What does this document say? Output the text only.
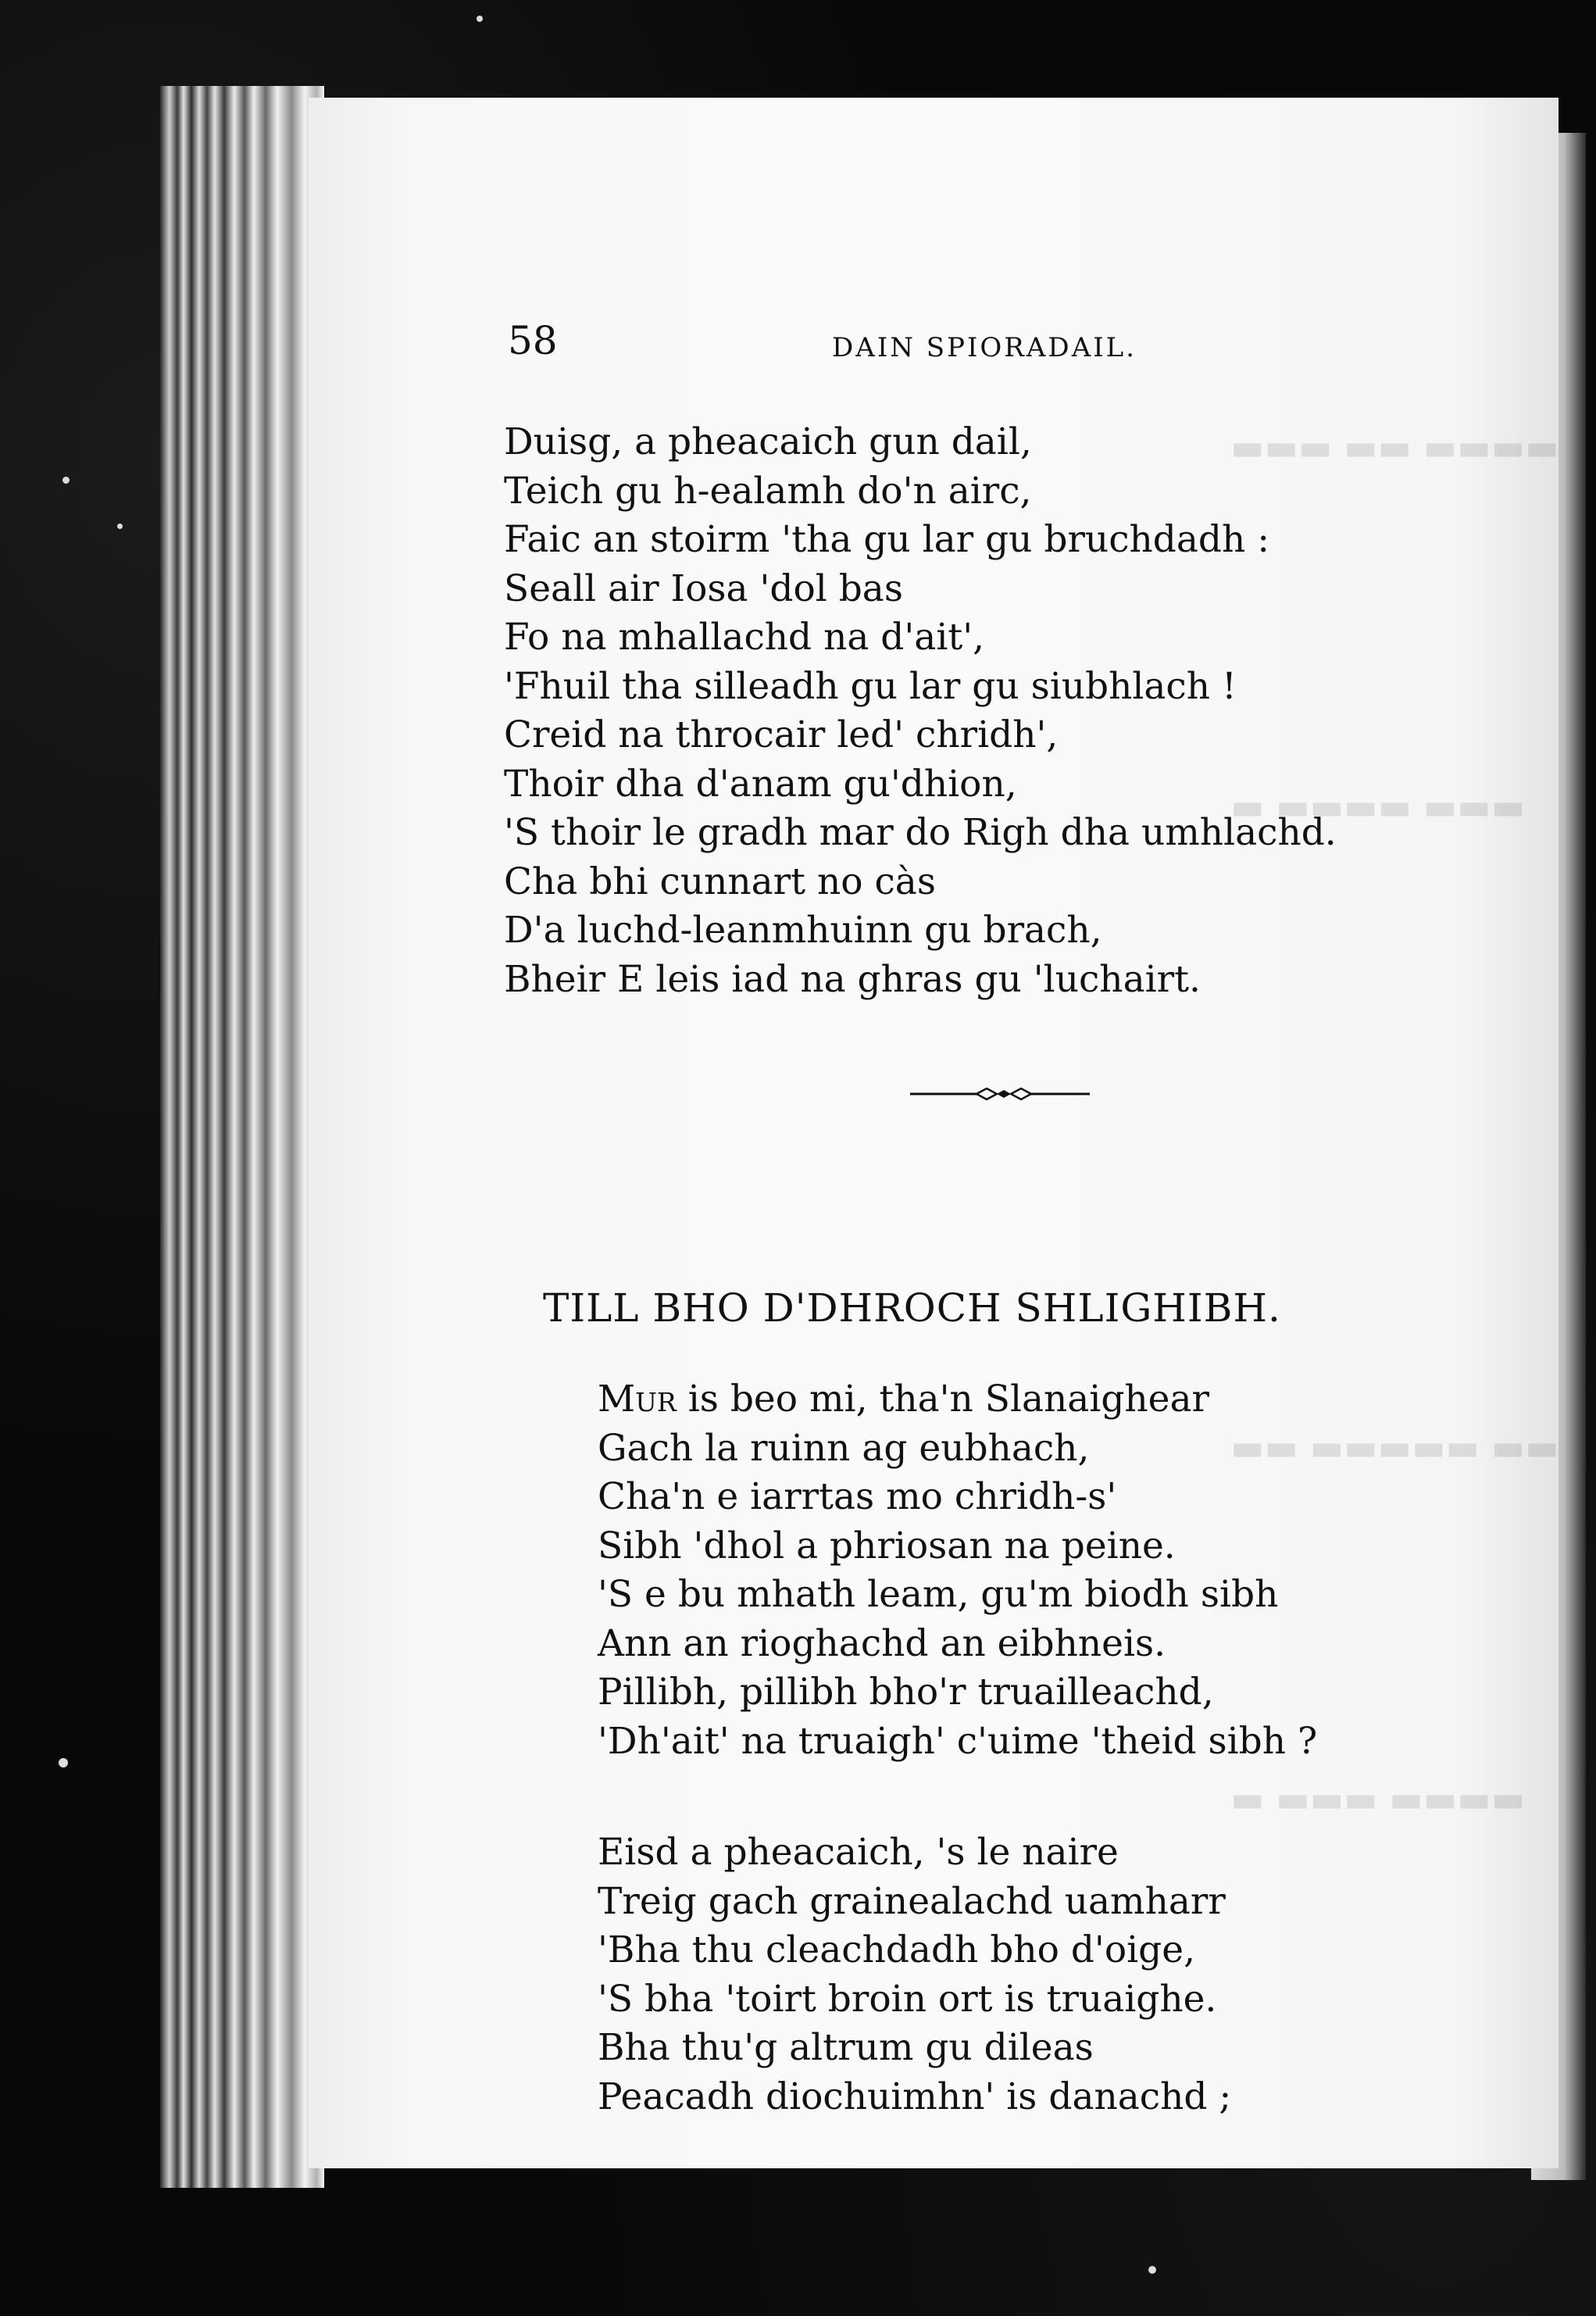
▬▬▬▬ ▬▬ ▬▬▬
▬▬▬ ▬▬▬▬ ▬
▬▬ ▬▬▬▬▬ ▬▬
▬▬▬▬ ▬▬▬ ▬
58	DAIN SPIORADAIL.
Duisg, a pheacaich gun dail,
Teich gu h-ealamh do'n airc,
Faic an stoirm 'tha gu lar gu bruchdadh :
Seall air Iosa 'dol bas
Fo na mhallachd na d'ait',
'Fhuil tha silleadh gu lar gu siubhlach !
Creid na throcair led' chridh',
Thoir dha d'anam gu'dhion,
'S thoir le gradh mar do Righ dha umhlachd.
Cha bhi cunnart no càs
D'a luchd-leanmhuinn gu brach,
Bheir E leis iad na ghras gu 'luchairt.
TILL BHO D'DHROCH SHLIGHIBH.
Mur is beo mi, tha'n Slanaighear
Gach la ruinn ag eubhach,
Cha'n e iarrtas mo chridh-s'
Sibh 'dhol a phriosan na peine.
'S e bu mhath leam, gu'm biodh sibh
Ann an rioghachd an eibhneis.
Pillibh, pillibh bho'r truailleachd,
'Dh'ait' na truaigh' c'uime 'theid sibh ?
Eisd a pheacaich, 's le naire
Treig gach grainealachd uamharr
'Bha thu cleachdadh bho d'oige,
'S bha 'toirt broin ort is truaighe.
Bha thu'g altrum gu dileas
Peacadh diochuimhn' is danachd ;
